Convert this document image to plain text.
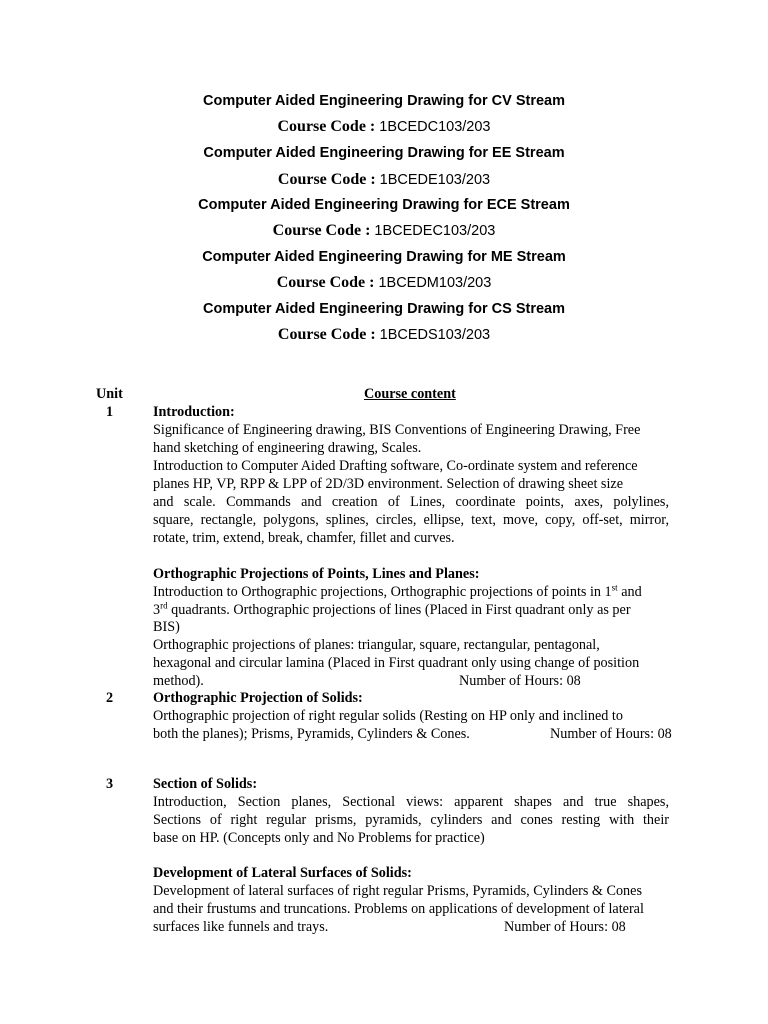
Computer Aided Engineering Drawing for CV Stream
Course Code : 1BCEDC103/203
Computer Aided Engineering Drawing for EE Stream
Course Code : 1BCEDE103/203
Computer Aided Engineering Drawing for ECE Stream
Course Code : 1BCEDEC103/203
Computer Aided Engineering Drawing for ME Stream
Course Code : 1BCEDM103/203
Computer Aided Engineering Drawing for CS Stream
Course Code : 1BCEDS103/203
Unit	Course content
1	Introduction:
Significance of Engineering drawing, BIS Conventions of Engineering Drawing, Free
hand sketching of engineering drawing, Scales.
Introduction to Computer Aided Drafting software, Co-ordinate system and reference
planes HP, VP, RPP & LPP of 2D/3D environment. Selection of drawing sheet size
and scale. Commands and creation of Lines, coordinate points, axes, polylines,
square, rectangle, polygons, splines, circles, ellipse, text, move, copy, off-set, mirror,
rotate, trim, extend, break, chamfer, fillet and curves.
Orthographic Projections of Points, Lines and Planes:
Introduction to Orthographic projections, Orthographic projections of points in 1st and
3rd quadrants. Orthographic projections of lines (Placed in First quadrant only as per
BIS)
Orthographic projections of planes: triangular, square, rectangular, pentagonal,
hexagonal and circular lamina (Placed in First quadrant only using change of position
method).	Number of Hours: 08
2	Orthographic Projection of Solids:
Orthographic projection of right regular solids (Resting on HP only and inclined to
both the planes); Prisms, Pyramids, Cylinders & Cones.	Number of Hours: 08
3	Section of Solids:
Introduction, Section planes, Sectional views: apparent shapes and true shapes,
Sections of right regular prisms, pyramids, cylinders and cones resting with their
base on HP. (Concepts only and No Problems for practice)
Development of Lateral Surfaces of Solids:
Development of lateral surfaces of right regular Prisms, Pyramids, Cylinders & Cones
and their frustums and truncations. Problems on applications of development of lateral
surfaces like funnels and trays.	Number of Hours: 08
